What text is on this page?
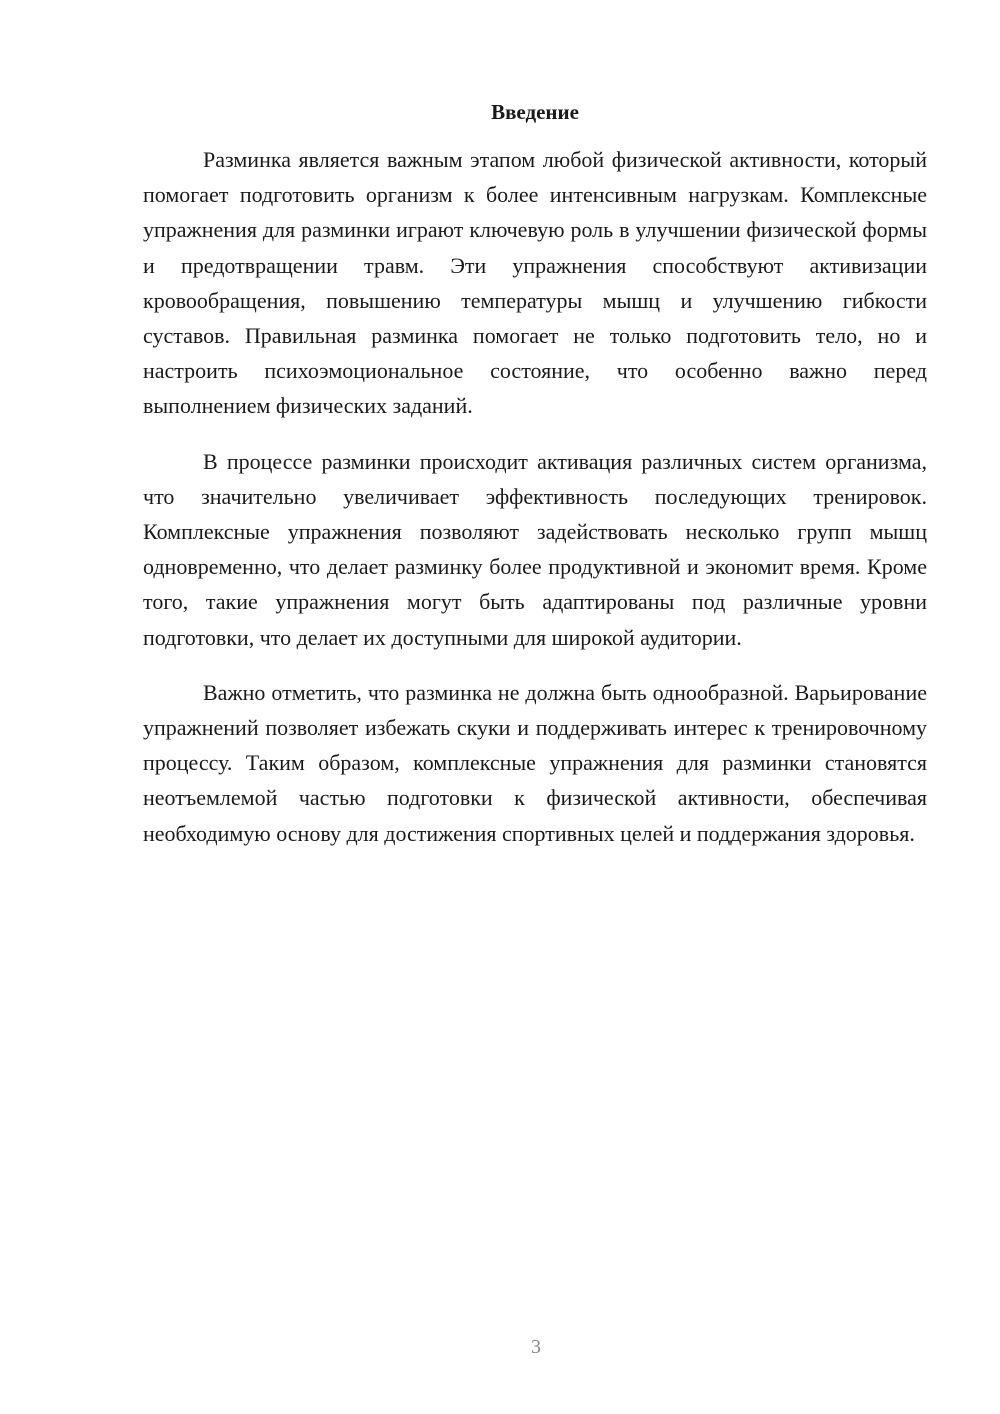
Введение

Разминка является важным этапом любой физической активности, который помогает подготовить организм к более интенсивным нагрузкам. Комплексные упражнения для разминки играют ключевую роль в улучшении физической формы и предотвращении травм. Эти упражнения способствуют активизации кровообращения, повышению температуры мышц и улучшению гибкости суставов. Правильная разминка помогает не только подготовить тело, но и настроить психоэмоциональное состояние, что особенно важно перед выполнением физических заданий.

В процессе разминки происходит активация различных систем организма, что значительно увеличивает эффективность последующих тренировок. Комплексные упражнения позволяют задействовать несколько групп мышц одновременно, что делает разминку более продуктивной и экономит время. Кроме того, такие упражнения могут быть адаптированы под различные уровни подготовки, что делает их доступными для широкой аудитории.

Важно отметить, что разминка не должна быть однообразной. Варьирование упражнений позволяет избежать скуки и поддерживать интерес к тренировочному процессу. Таким образом, комплексные упражнения для разминки становятся неотъемлемой частью подготовки к физической активности, обеспечивая необходимую основу для достижения спортивных целей и поддержания здоровья.

3
